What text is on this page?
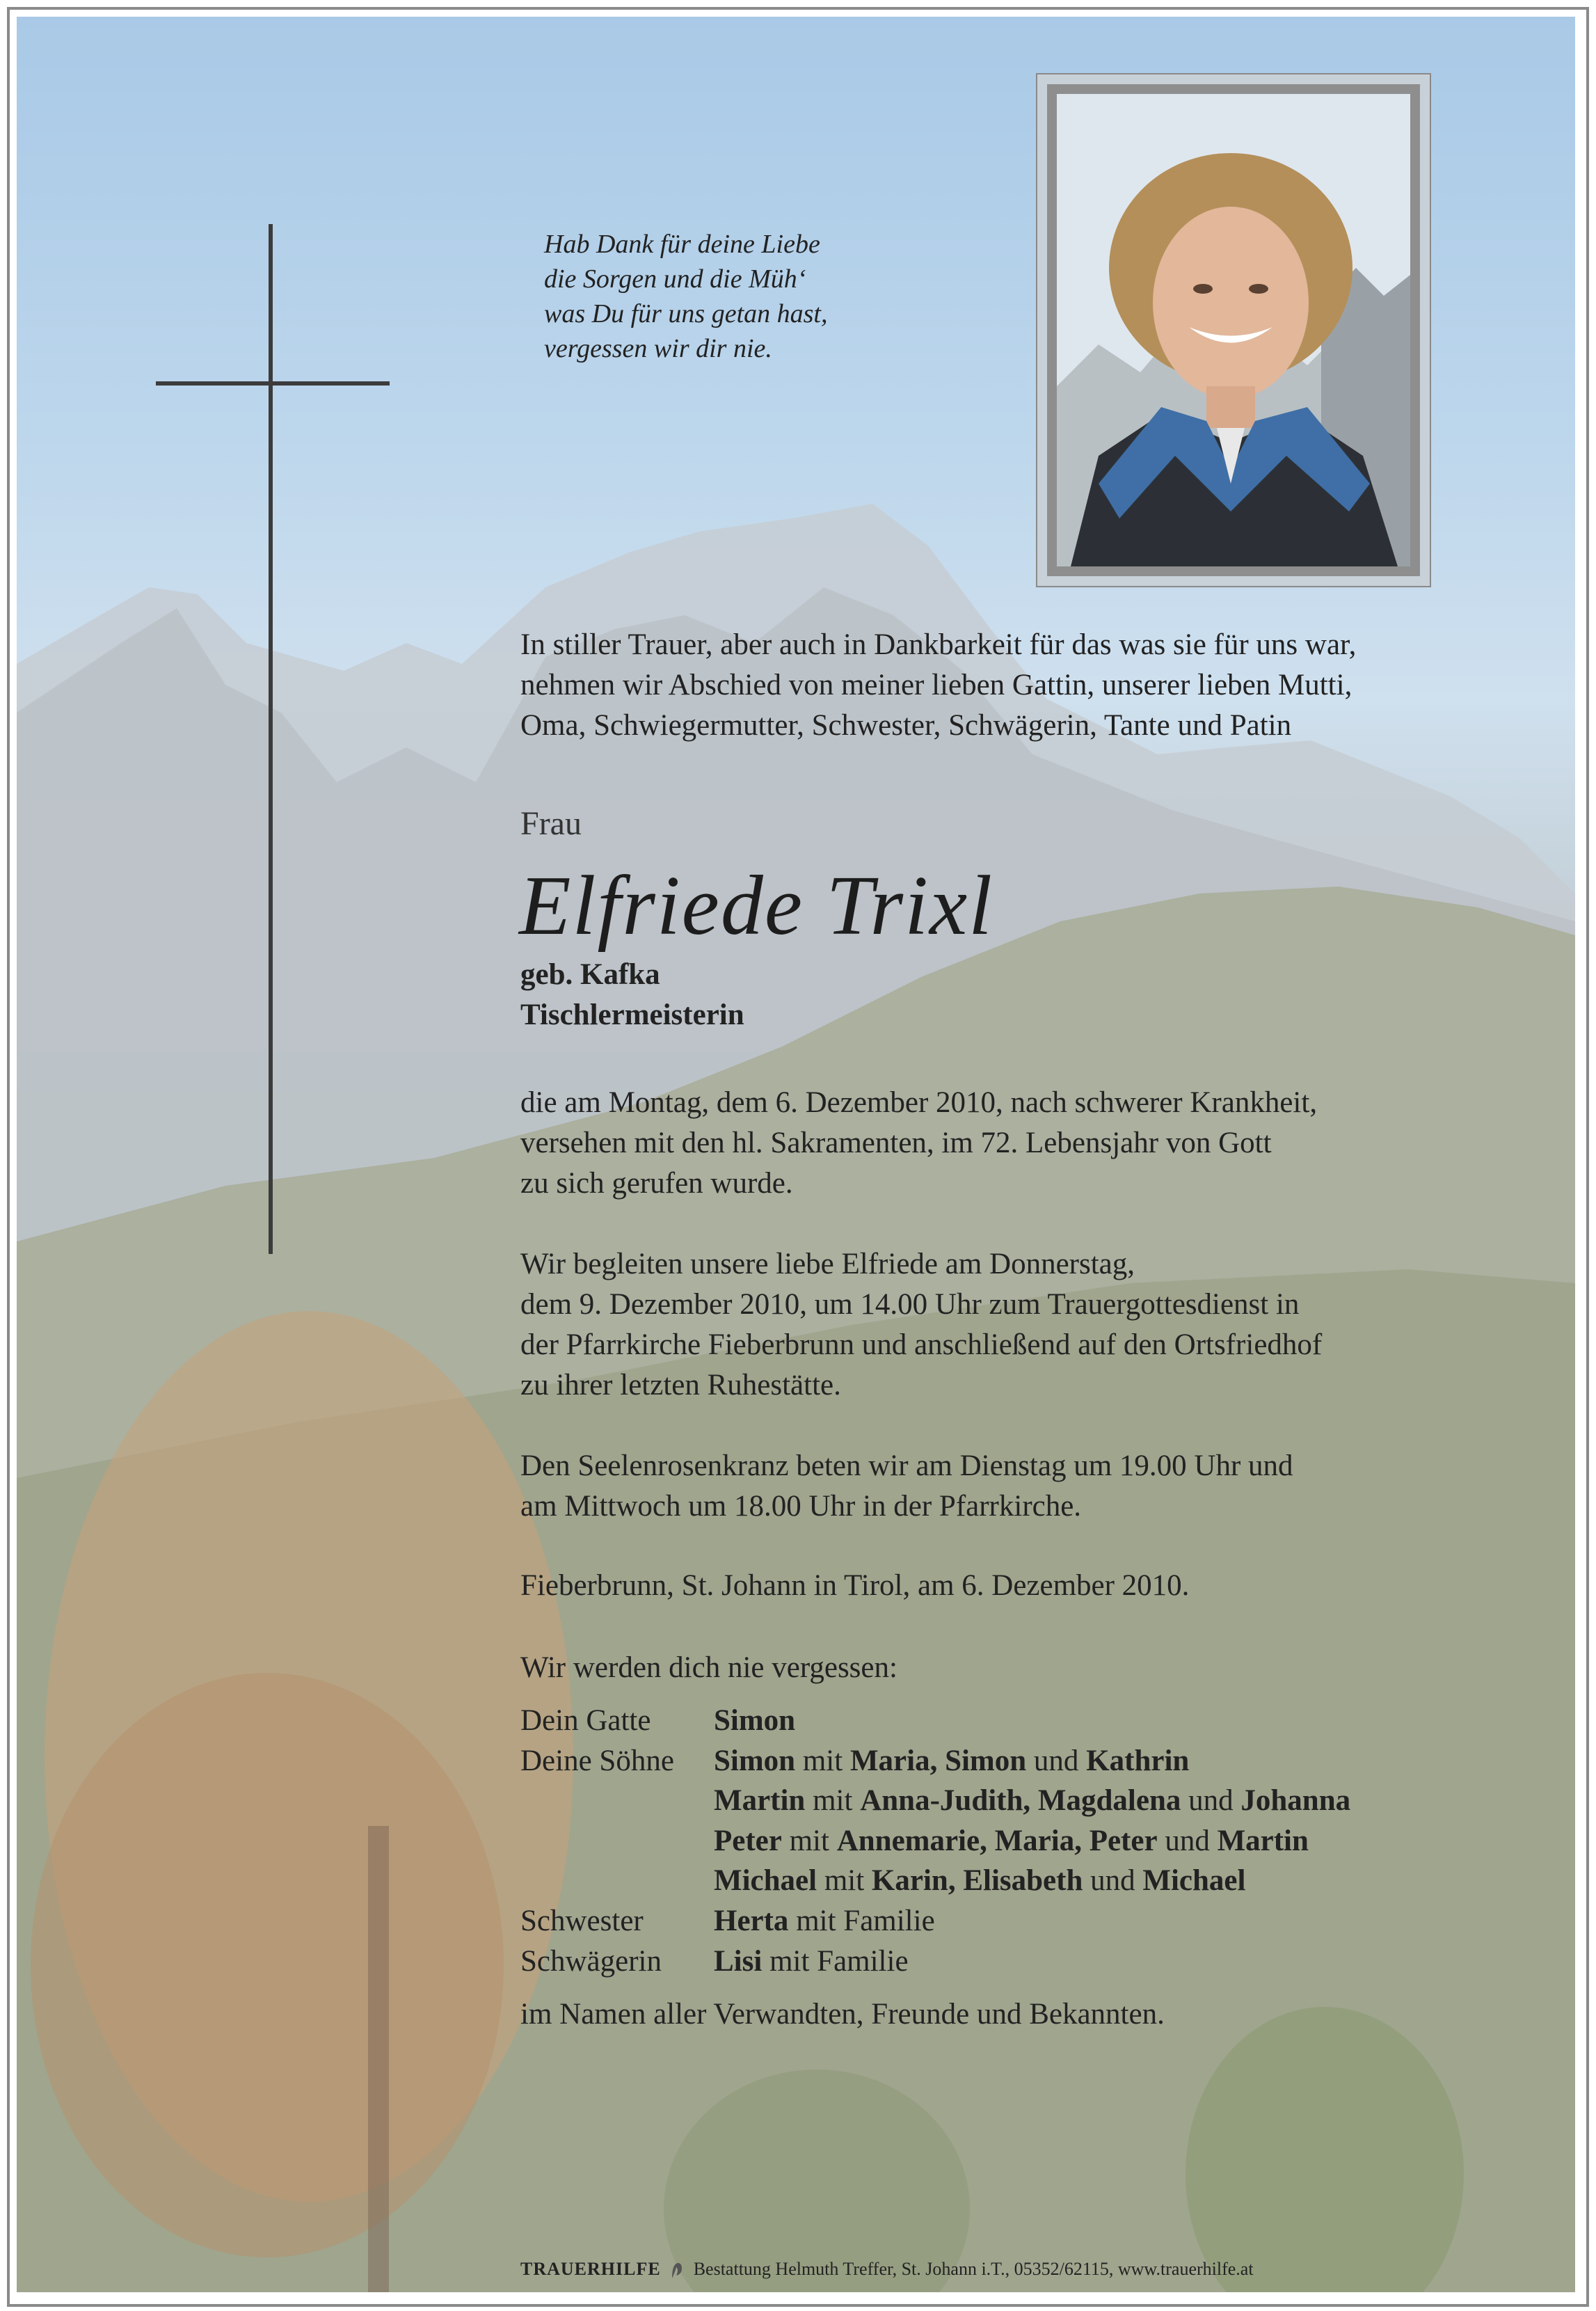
Hab Dank für deine Liebe
die Sorgen und die Müh‘
was Du für uns getan hast,
vergessen wir dir nie.
In stiller Trauer, aber auch in Dankbarkeit für das was sie für uns war,
nehmen wir Abschied von meiner lieben Gattin, unserer lieben Mutti,
Oma, Schwiegermutter, Schwester, Schwägerin, Tante und Patin
Frau
Elfriede Trixl
geb. Kafka
Tischlermeisterin
die am Montag, dem 6. Dezember 2010, nach schwerer Krankheit,
versehen mit den hl. Sakramenten, im 72. Lebensjahr von Gott
zu sich gerufen wurde.
Wir begleiten unsere liebe Elfriede am Donnerstag,
dem 9. Dezember 2010, um 14.00 Uhr zum Trauergottesdienst in
der Pfarrkirche Fieberbrunn und anschließend auf den Ortsfriedhof
zu ihrer letzten Ruhestätte.
Den Seelenrosenkranz beten wir am Dienstag um 19.00 Uhr und
am Mittwoch um 18.00 Uhr in der Pfarrkirche.
Fieberbrunn, St. Johann in Tirol, am 6. Dezember 2010.
Wir werden dich nie vergessen:
Dein Gatte Simon
Deine Söhne Simon mit Maria, Simon und Kathrin
Martin mit Anna-Judith, Magdalena und Johanna
Peter mit Annemarie, Maria, Peter und Martin
Michael mit Karin, Elisabeth und Michael
Schwester Herta mit Familie
Schwägerin Lisi mit Familie
im Namen aller Verwandten, Freunde und Bekannten.
TRAUERHILFE Bestattung Helmuth Treffer, St. Johann i.T., 05352/62115, www.trauerhilfe.at
